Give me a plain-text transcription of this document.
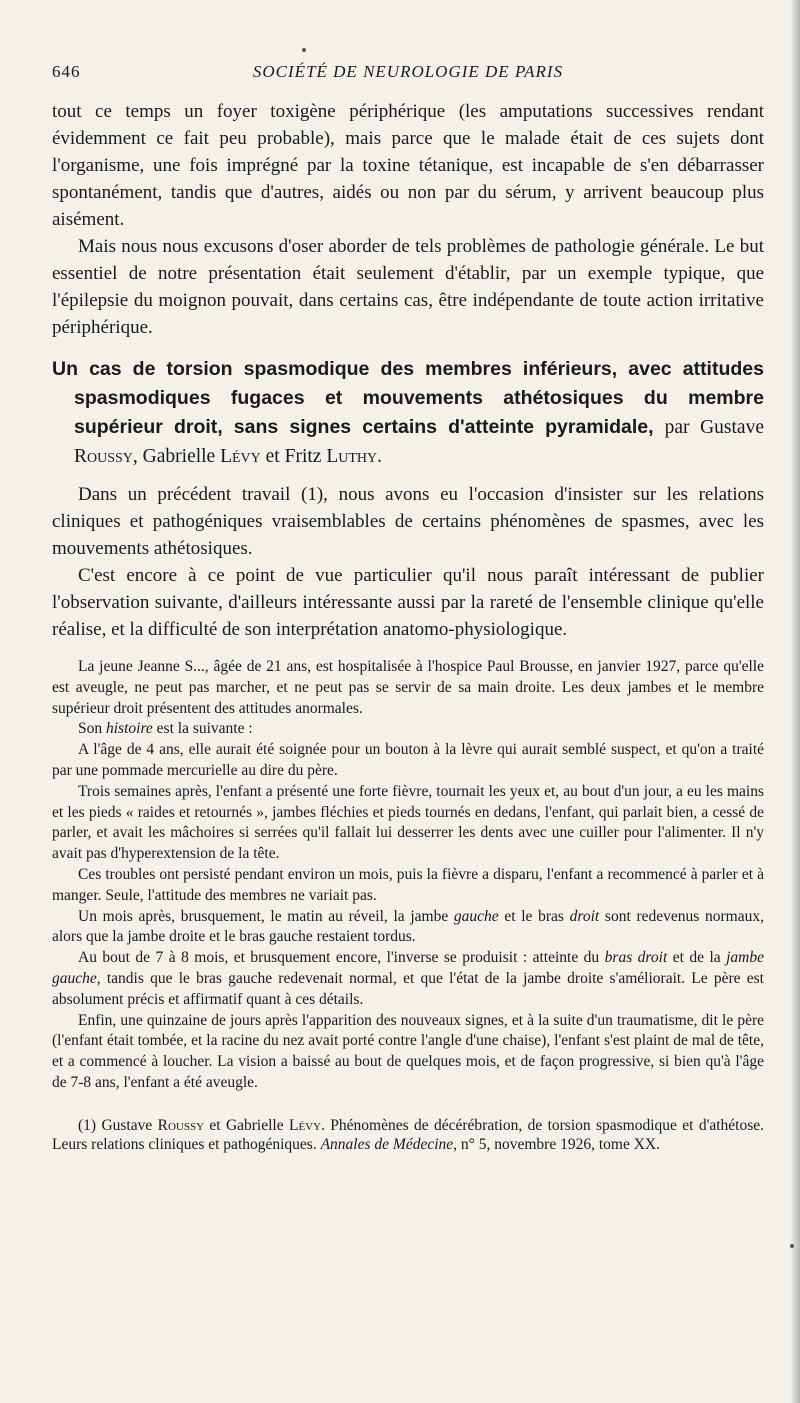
646	SOCIÉTÉ DE NEUROLOGIE DE PARIS

tout ce temps un foyer toxigène périphérique (les amputations successives rendant évidemment ce fait peu probable), mais parce que le malade était de ces sujets dont l'organisme, une fois imprégné par la toxine tétanique, est incapable de s'en débarrasser spontanément, tandis que d'autres, aidés ou non par du sérum, y arrivent beaucoup plus aisément.

Mais nous nous excusons d'oser aborder de tels problèmes de pathologie générale. Le but essentiel de notre présentation était seulement d'établir, par un exemple typique, que l'épilepsie du moignon pouvait, dans certains cas, être indépendante de toute action irritative périphérique.

Un cas de torsion spasmodique des membres inférieurs, avec attitudes spasmodiques fugaces et mouvements athétosiques du membre supérieur droit, sans signes certains d'atteinte pyramidale, par Gustave Roussy, Gabrielle Lévy et Fritz Luthy.

Dans un précédent travail (1), nous avons eu l'occasion d'insister sur les relations cliniques et pathogéniques vraisemblables de certains phénomènes de spasmes, avec les mouvements athétosiques.

C'est encore à ce point de vue particulier qu'il nous paraît intéressant de publier l'observation suivante, d'ailleurs intéressante aussi par la rareté de l'ensemble clinique qu'elle réalise, et la difficulté de son interprétation anatomo-physiologique.

La jeune Jeanne S..., âgée de 21 ans, est hospitalisée à l'hospice Paul Brousse, en janvier 1927, parce qu'elle est aveugle, ne peut pas marcher, et ne peut pas se servir de sa main droite. Les deux jambes et le membre supérieur droit présentent des attitudes anormales.

Son histoire est la suivante :

A l'âge de 4 ans, elle aurait été soignée pour un bouton à la lèvre qui aurait semblé suspect, et qu'on a traité par une pommade mercurielle au dire du père.

Trois semaines après, l'enfant a présenté une forte fièvre, tournait les yeux et, au bout d'un jour, a eu les mains et les pieds « raides et retournés », jambes fléchies et pieds tournés en dedans, l'enfant, qui parlait bien, a cessé de parler, et avait les mâchoires si serrées qu'il fallait lui desserrer les dents avec une cuiller pour l'alimenter. Il n'y avait pas d'hyperextension de la tête.

Ces troubles ont persisté pendant environ un mois, puis la fièvre a disparu, l'enfant a recommencé à parler et à manger. Seule, l'attitude des membres ne variait pas.

Un mois après, brusquement, le matin au réveil, la jambe gauche et le bras droit sont redevenus normaux, alors que la jambe droite et le bras gauche restaient tordus.

Au bout de 7 à 8 mois, et brusquement encore, l'inverse se produisit : atteinte du bras droit et de la jambe gauche, tandis que le bras gauche redevenait normal, et que l'état de la jambe droite s'améliorait. Le père est absolument précis et affirmatif quant à ces détails.

Enfin, une quinzaine de jours après l'apparition des nouveaux signes, et à la suite d'un traumatisme, dit le père (l'enfant était tombée, et la racine du nez avait porté contre l'angle d'une chaise), l'enfant s'est plaint de mal de tête, et a commencé à loucher. La vision a baissé au bout de quelques mois, et de façon progressive, si bien qu'à l'âge de 7-8 ans, l'enfant a été aveugle.

(1) Gustave Roussy et Gabrielle Lévy. Phénomènes de décérébration, de torsion spasmodique et d'athétose. Leurs relations cliniques et pathogéniques. Annales de Médecine, n° 5, novembre 1926, tome XX.
